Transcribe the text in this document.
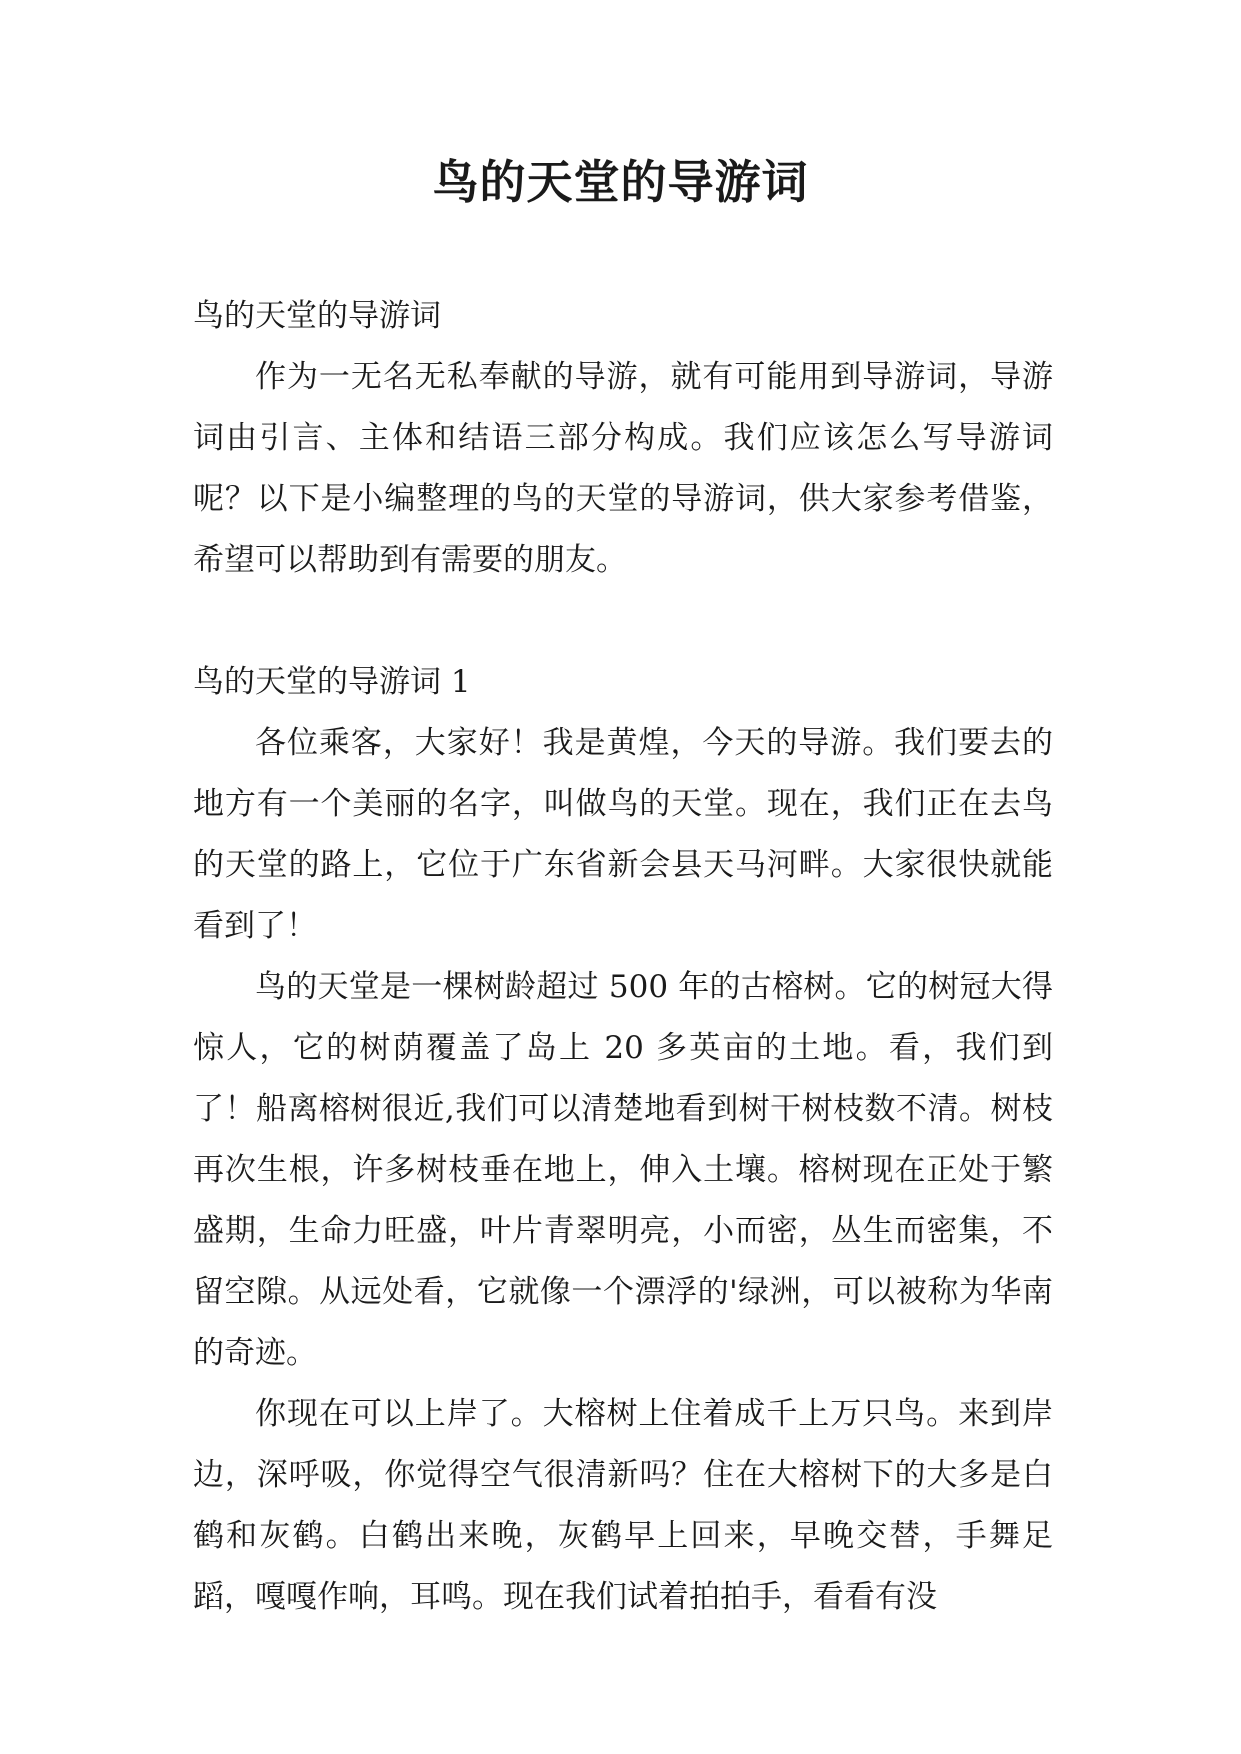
鸟的天堂的导游词

鸟的天堂的导游词

作为一无名无私奉献的导游，就有可能用到导游词，导游词由引言、主体和结语三部分构成。我们应该怎么写导游词呢？以下是小编整理的鸟的天堂的导游词，供大家参考借鉴，希望可以帮助到有需要的朋友。

鸟的天堂的导游词 1

各位乘客，大家好！我是黄煌，今天的导游。我们要去的地方有一个美丽的名字，叫做鸟的天堂。现在，我们正在去鸟的天堂的路上，它位于广东省新会县天马河畔。大家很快就能看到了！

鸟的天堂是一棵树龄超过 500 年的古榕树。它的树冠大得惊人，它的树荫覆盖了岛上 20 多英亩的土地。看，我们到了！船离榕树很近,我们可以清楚地看到树干树枝数不清。树枝再次生根，许多树枝垂在地上，伸入土壤。榕树现在正处于繁盛期，生命力旺盛，叶片青翠明亮，小而密，丛生而密集，不留空隙。从远处看，它就像一个漂浮的'绿洲，可以被称为华南的奇迹。

你现在可以上岸了。大榕树上住着成千上万只鸟。来到岸边，深呼吸，你觉得空气很清新吗？住在大榕树下的大多是白鹤和灰鹤。白鹤出来晚，灰鹤早上回来，早晚交替，手舞足蹈，嘎嘎作响，耳鸣。现在我们试着拍拍手，看看有没
